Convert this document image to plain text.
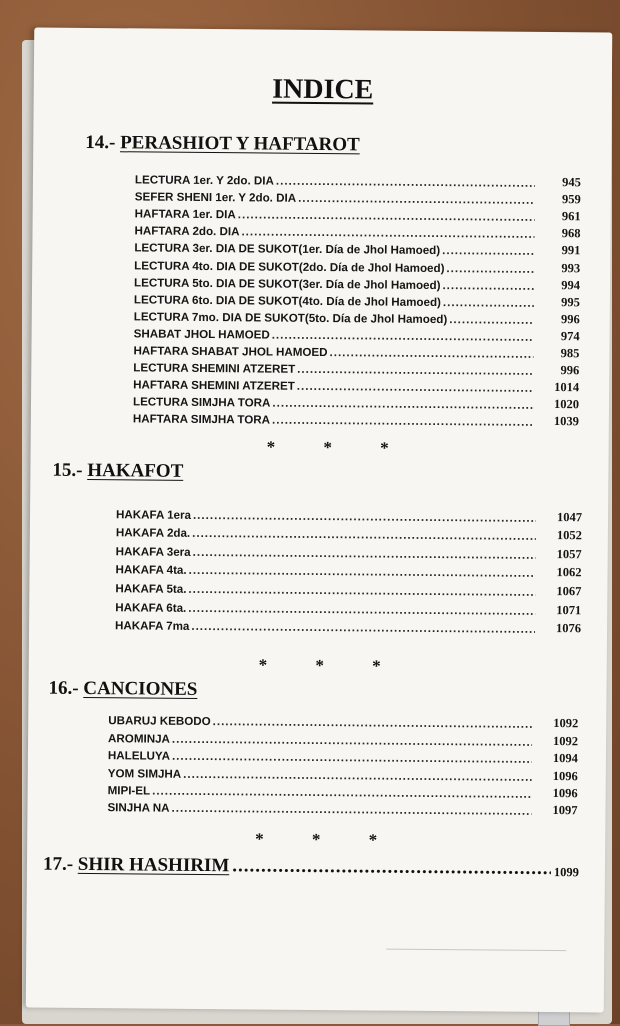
INDICE
14.- PERASHIOT Y HAFTAROT
LECTURA 1er. Y 2do. DIA .....	945
SEFER SHENI 1er. Y 2do. DIA .....	959
HAFTARA 1er. DIA .....	961
HAFTARA 2do. DIA .....	968
LECTURA 3er. DIA DE SUKOT(1er. Día de Jhol Hamoed) .....	991
LECTURA 4to. DIA DE SUKOT(2do. Día de Jhol Hamoed) .....	993
LECTURA 5to. DIA DE SUKOT(3er. Día de Jhol Hamoed) .....	994
LECTURA 6to. DIA DE SUKOT(4to. Día de Jhol Hamoed) .....	995
LECTURA 7mo. DIA DE SUKOT(5to. Día de Jhol Hamoed) .....	996
SHABAT JHOL HAMOED .....	974
HAFTARA SHABAT JHOL HAMOED .....	985
LECTURA SHEMINI ATZERET .....	996
HAFTARA SHEMINI ATZERET .....	1014
LECTURA SIMJHA TORA .....	1020
HAFTARA SIMJHA TORA .....	1039
* * *
15.- HAKAFOT
HAKAFA 1era .....	1047
HAKAFA 2da. .....	1052
HAKAFA 3era .....	1057
HAKAFA 4ta. .....	1062
HAKAFA 5ta. .....	1067
HAKAFA 6ta. .....	1071
HAKAFA 7ma .....	1076
* * *
16.- CANCIONES
UBARUJ KEBODO .....	1092
AROMINJA .....	1092
HALELUYA .....	1094
YOM SIMJHA .....	1096
MIPI-EL .....	1096
SINJHA NA .....	1097
* * *
17.-
SHIR HASHIRIM .....	1099
